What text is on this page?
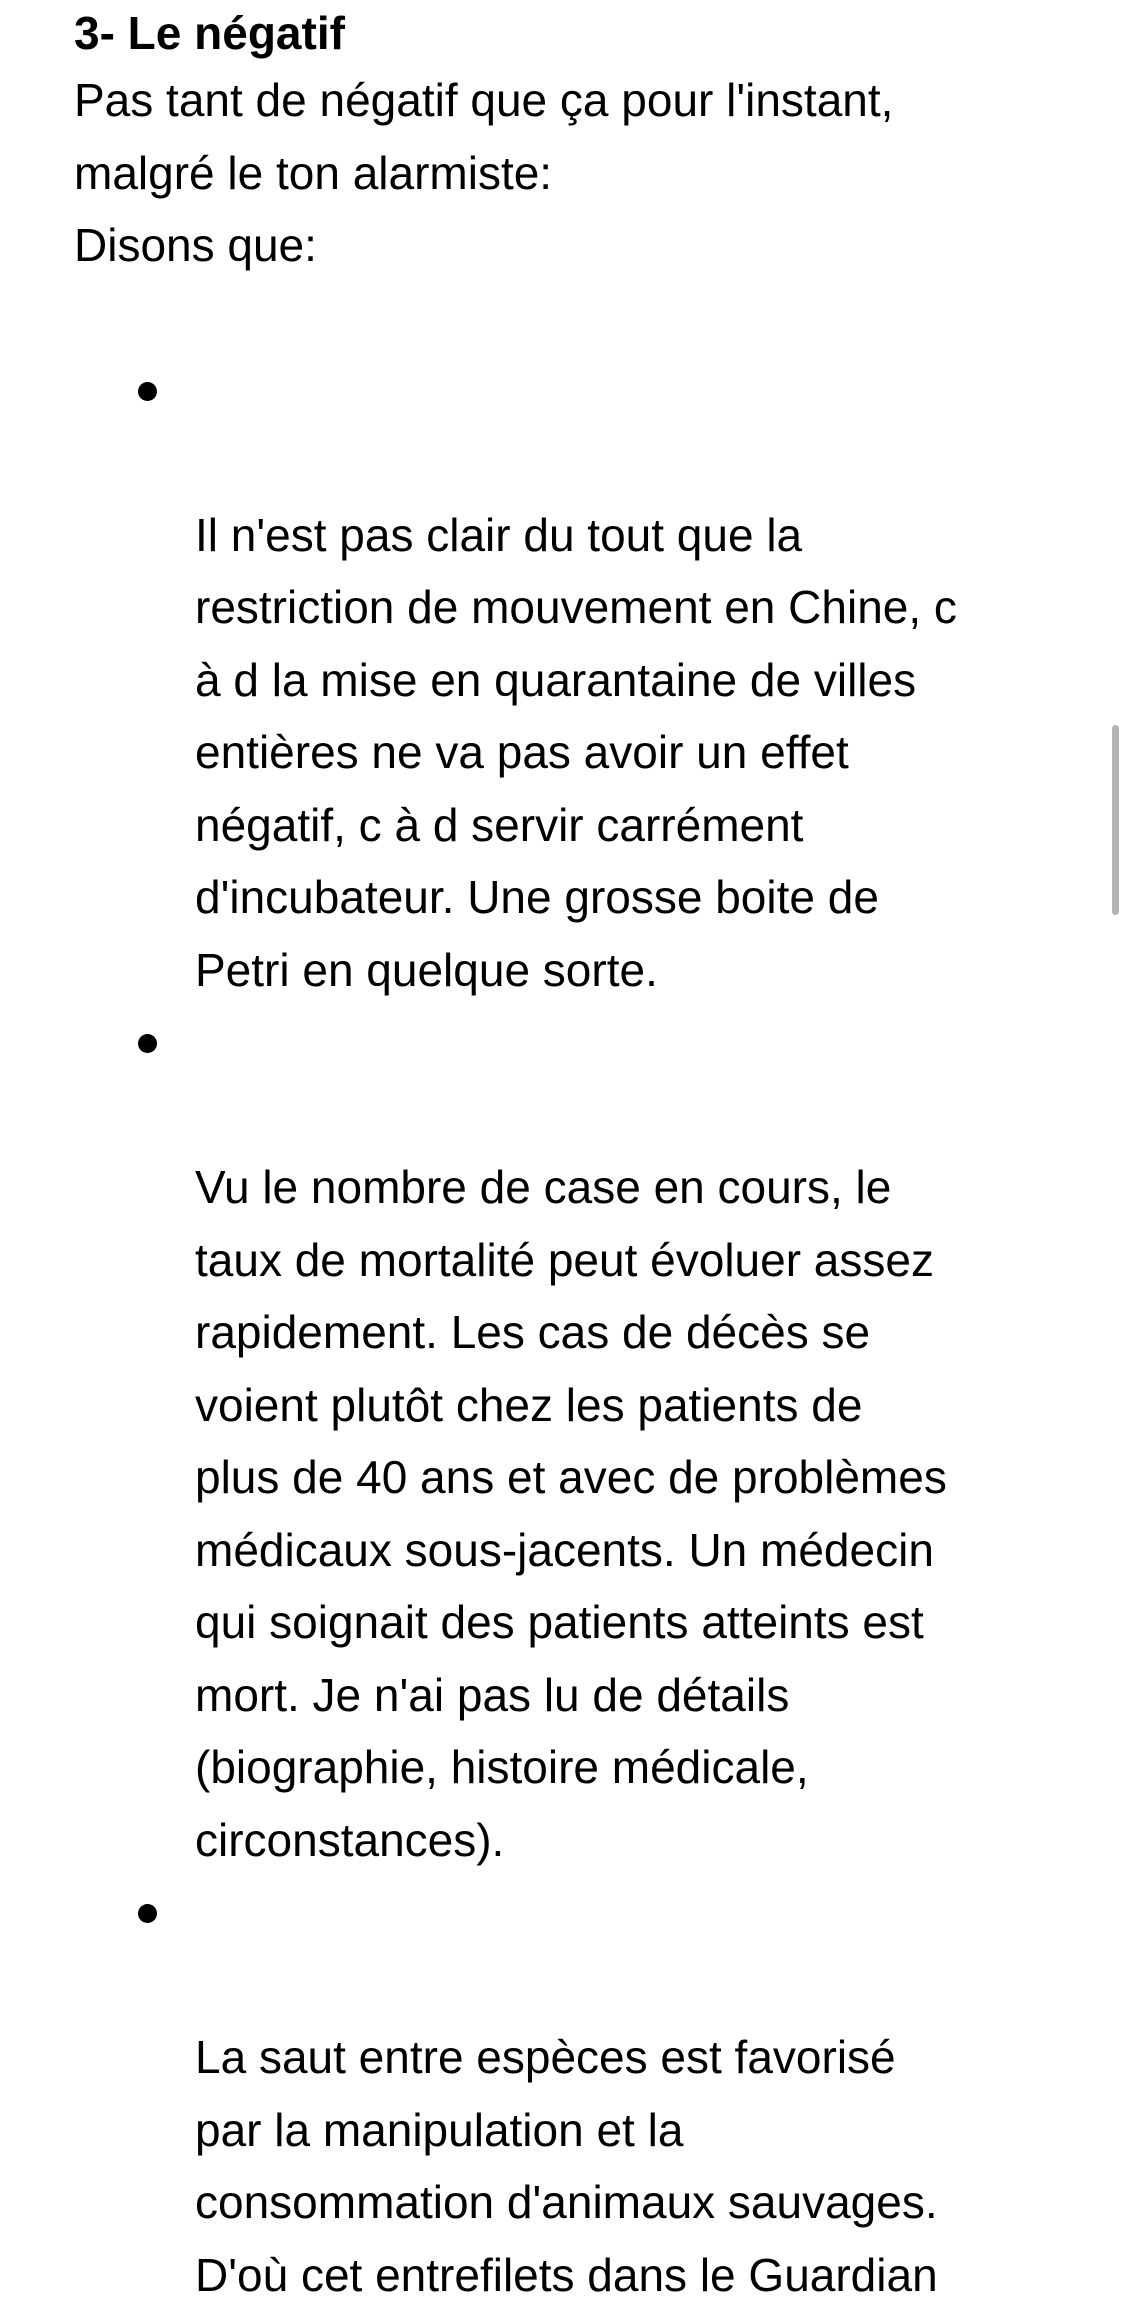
3- Le négatif

Pas tant de négatif que ça pour l'instant,
malgré le ton alarmiste:
Disons que:

Il n'est pas clair du tout que la
restriction de mouvement en Chine, c
à d la mise en quarantaine de villes
entières ne va pas avoir un effet
négatif, c à d servir carrément
d'incubateur. Une grosse boite de
Petri en quelque sorte.

Vu le nombre de case en cours, le
taux de mortalité peut évoluer assez
rapidement. Les cas de décès se
voient plutôt chez les patients de
plus de 40 ans et avec de problèmes
médicaux sous-jacents. Un médecin
qui soignait des patients atteints est
mort. Je n'ai pas lu de détails
(biographie, histoire médicale,
circonstances).

La saut entre espèces est favorisé
par la manipulation et la
consommation d'animaux sauvages.
D'où cet entrefilets dans le Guardian
